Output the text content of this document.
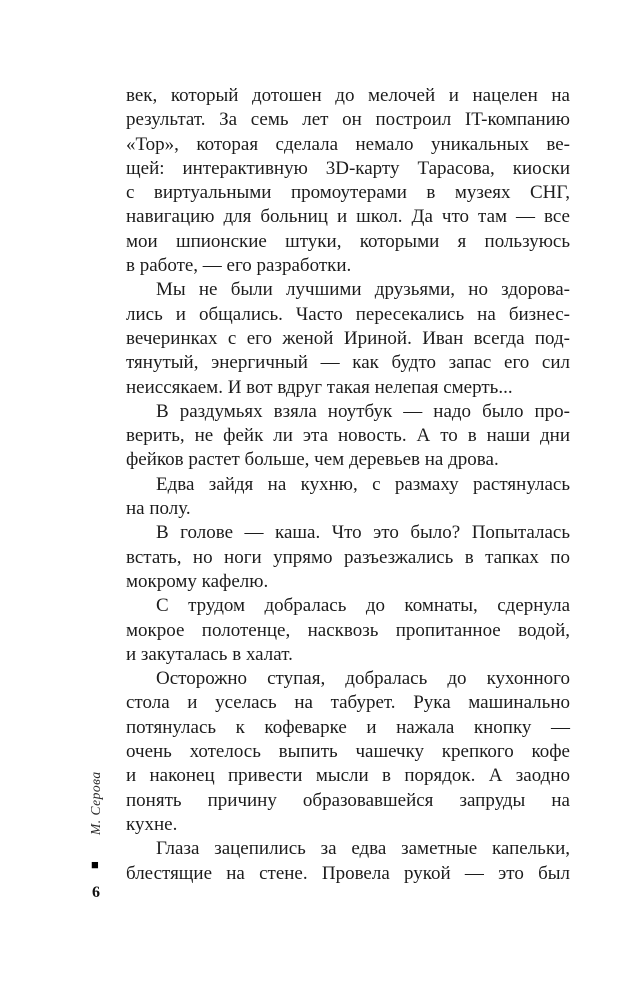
М. Серова
■
6

век, который дотошен до мелочей и нацелен на
результат. За семь лет он построил IT-компанию
«Тор», которая сделала немало уникальных ве-
щей: интерактивную 3D-карту Тарасова, киоски
с виртуальными промоутерами в музеях СНГ,
навигацию для больниц и школ. Да что там — все
мои шпионские штуки, которыми я пользуюсь
в работе, — его разработки.

Мы не были лучшими друзьями, но здорова-
лись и общались. Часто пересекались на бизнес-
вечеринках с его женой Ириной. Иван всегда под-
тянутый, энергичный — как будто запас его сил
неиссякаем. И вот вдруг такая нелепая смерть...

В раздумьях взяла ноутбук — надо было про-
верить, не фейк ли эта новость. А то в наши дни
фейков растет больше, чем деревьев на дрова.

Едва зайдя на кухню, с размаху растянулась
на полу.

В голове — каша. Что это было? Попыталась
встать, но ноги упрямо разъезжались в тапках по
мокрому кафелю.

С трудом добралась до комнаты, сдернула
мокрое полотенце, насквозь пропитанное водой,
и закуталась в халат.

Осторожно ступая, добралась до кухонного
стола и уселась на табурет. Рука машинально
потянулась к кофеварке и нажала кнопку —
очень хотелось выпить чашечку крепкого кофе
и наконец привести мысли в порядок. А заодно
понять причину образовавшейся запруды на
кухне.

Глаза зацепились за едва заметные капельки,
блестящие на стене. Провела рукой — это был
